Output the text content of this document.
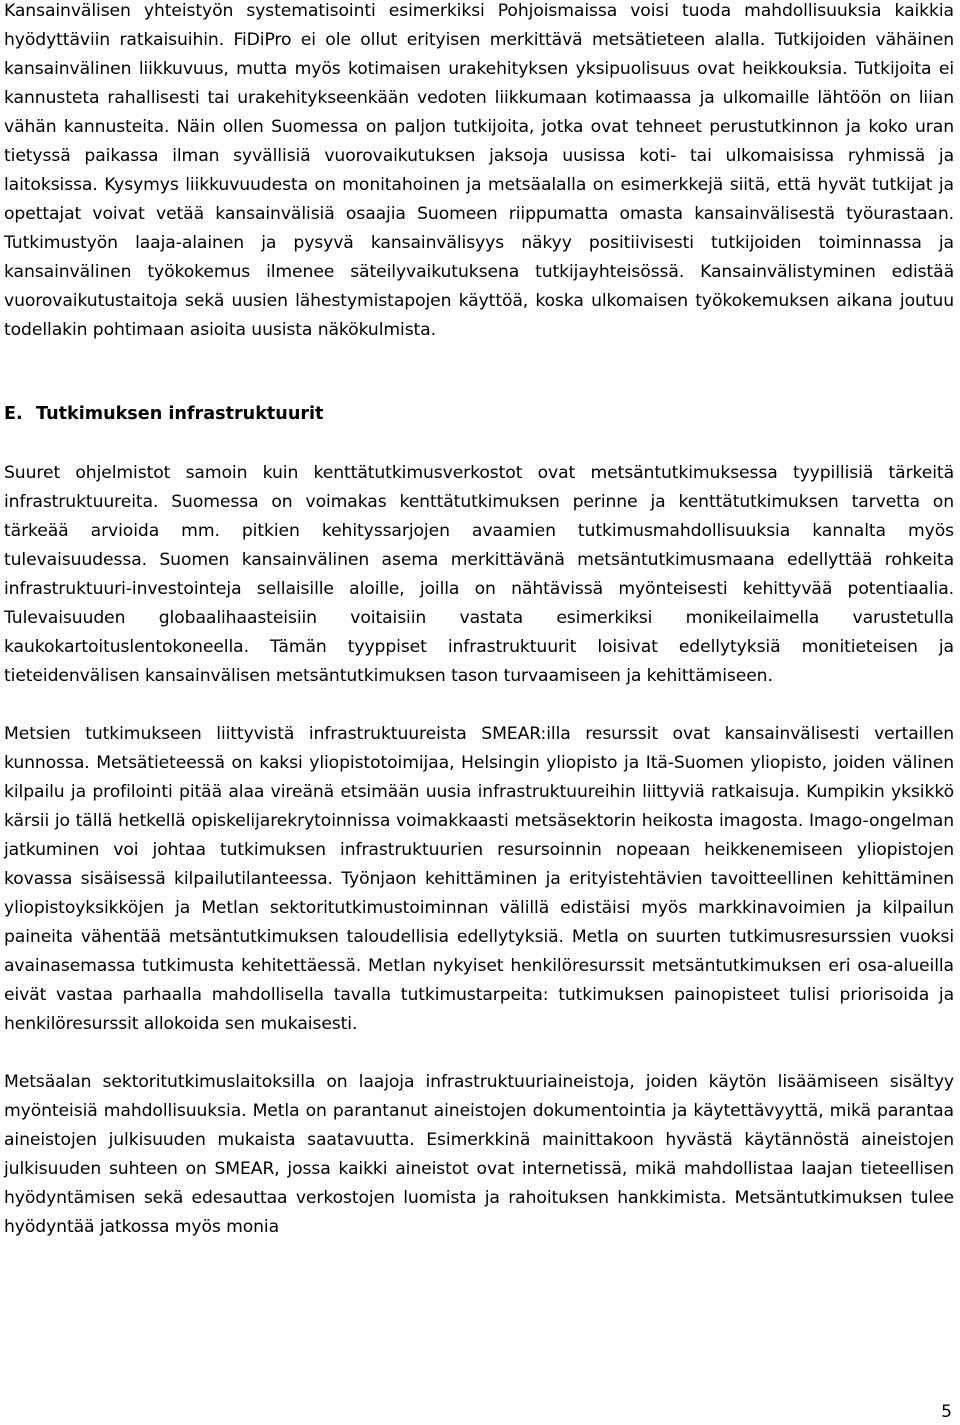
Kansainvälisen yhteistyön systematisointi esimerkiksi Pohjoismaissa voisi tuoda mahdollisuuksia kaikkia hyödyttäviin ratkaisuihin. FiDiPro ei ole ollut erityisen merkittävä metsätieteen alalla. Tutkijoiden vähäinen kansainvälinen liikkuvuus, mutta myös kotimaisen urakehityksen yksipuolisuus ovat heikkouksia. Tutkijoita ei kannusteta rahallisesti tai urakehitykseenkään vedoten liikkumaan kotimaassa ja ulkomaille lähtöön on liian vähän kannusteita. Näin ollen Suomessa on paljon tutkijoita, jotka ovat tehneet perustutkinnon ja koko uran tietyssä paikassa ilman syvällisiä vuorovaikutuksen jaksoja uusissa koti- tai ulkomaisissa ryhmissä ja laitoksissa. Kysymys liikkuvuudesta on monitahoinen ja metsäalalla on esimerkkejä siitä, että hyvät tutkijat ja opettajat voivat vetää kansainvälisiä osaajia Suomeen riippumatta omasta kansainvälisestä työurastaan. Tutkimustyön laaja-alainen ja pysyvä kansainvälisyys näkyy positiivisesti tutkijoiden toiminnassa ja kansainvälinen työkokemus ilmenee säteilyvaikutuksena tutkijayhteisössä. Kansainvälistyminen edistää vuorovaikutustaitoja sekä uusien lähestymistapojen käyttöä, koska ulkomaisen työkokemuksen aikana joutuu todellakin pohtimaan asioita uusista näkökulmista.

E. Tutkimuksen infrastruktuurit

Suuret ohjelmistot samoin kuin kenttätutkimusverkostot ovat metsäntutkimuksessa tyypillisiä tärkeitä infrastruktuureita. Suomessa on voimakas kenttätutkimuksen perinne ja kenttätutkimuksen tarvetta on tärkeää arvioida mm. pitkien kehityssarjojen avaamien tutkimusmahdollisuuksia kannalta myös tulevaisuudessa. Suomen kansainvälinen asema merkittävänä metsäntutkimusmaana edellyttää rohkeita infrastruktuuri-investointeja sellaisille aloille, joilla on nähtävissä myönteisesti kehittyvää potentiaalia. Tulevaisuuden globaalihaasteisiin voitaisiin vastata esimerkiksi monikeilaimella varustetulla kaukokartoituslentokoneella. Tämän tyyppiset infrastruktuurit loisivat edellytyksiä monitieteisen ja tieteidenvälisen kansainvälisen metsäntutkimuksen tason turvaamiseen ja kehittämiseen.

Metsien tutkimukseen liittyvistä infrastruktuureista SMEAR:illa resurssit ovat kansainvälisesti vertaillen kunnossa. Metsätieteessä on kaksi yliopistotoimijaa, Helsingin yliopisto ja Itä-Suomen yliopisto, joiden välinen kilpailu ja profilointi pitää alaa vireänä etsimään uusia infrastruktuureihin liittyviä ratkaisuja. Kumpikin yksikkö kärsii jo tällä hetkellä opiskelijarekrytoinnissa voimakkaasti metsäsektorin heikosta imagosta. Imago-ongelman jatkuminen voi johtaa tutkimuksen infrastruktuurien resursoinnin nopeaan heikkenemiseen yliopistojen kovassa sisäisessä kilpailutilanteessa. Työnjaon kehittäminen ja erityistehtävien tavoitteellinen kehittäminen yliopistoyksikköjen ja Metlan sektoritutkimustoiminnan välillä edistäisi myös markkinavoimien ja kilpailun paineita vähentää metsäntutkimuksen taloudellisia edellytyksiä. Metla on suurten tutkimusresurssien vuoksi avainasemassa tutkimusta kehitettäessä. Metlan nykyiset henkilöresurssit metsäntutkimuksen eri osa-alueilla eivät vastaa parhaalla mahdollisella tavalla tutkimustarpeita: tutkimuksen painopisteet tulisi priorisoida ja henkilöresurssit allokoida sen mukaisesti.

Metsäalan sektoritutkimuslaitoksilla on laajoja infrastruktuuriaineistoja, joiden käytön lisäämiseen sisältyy myönteisiä mahdollisuuksia. Metla on parantanut aineistojen dokumentointia ja käytettävyyttä, mikä parantaa aineistojen julkisuuden mukaista saatavuutta. Esimerkkinä mainittakoon hyvästä käytännöstä aineistojen julkisuuden suhteen on SMEAR, jossa kaikki aineistot ovat internetissä, mikä mahdollistaa laajan tieteellisen hyödyntämisen sekä edesauttaa verkostojen luomista ja rahoituksen hankkimista. Metsäntutkimuksen tulee hyödyntää jatkossa myös monia

5
